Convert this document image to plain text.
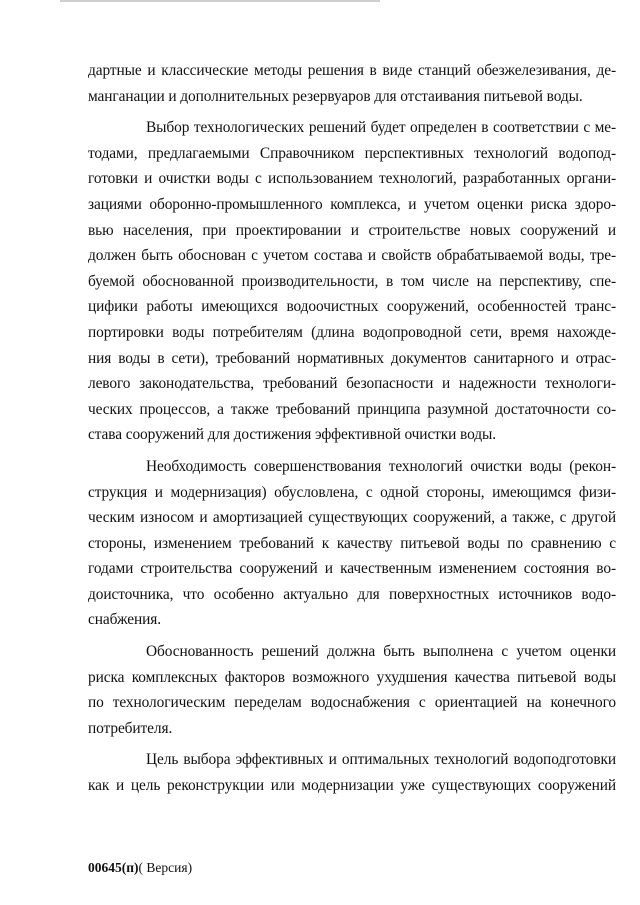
дартные и классические методы решения в виде станций обезжелезивания, де-
манганации и дополнительных резервуаров для отстаивания питьевой воды.

Выбор технологических решений будет определен в соответствии с ме-
тодами, предлагаемыми Справочником перспективных технологий водопод-
готовки и очистки воды с использованием технологий, разработанных органи-
зациями оборонно-промышленного комплекса, и учетом оценки риска здоро-
вью населения, при проектировании и строительстве новых сооружений и
должен быть обоснован с учетом состава и свойств обрабатываемой воды, тре-
буемой обоснованной производительности, в том числе на перспективу, спе-
цифики работы имеющихся водоочистных сооружений, особенностей транс-
портировки воды потребителям (длина водопроводной сети, время нахожде-
ния воды в сети), требований нормативных документов санитарного и отрас-
левого законодательства, требований безопасности и надежности технологи-
ческих процессов, а также требований принципа разумной достаточности со-
става сооружений для достижения эффективной очистки воды.

Необходимость совершенствования технологий очистки воды (рекон-
струкция и модернизация) обусловлена, с одной стороны, имеющимся физи-
ческим износом и амортизацией существующих сооружений, а также, с другой
стороны, изменением требований к качеству питьевой воды по сравнению с
годами строительства сооружений и качественным изменением состояния во-
доисточника, что особенно актуально для поверхностных источников водо-
снабжения.

Обоснованность решений должна быть выполнена с учетом оценки
риска комплексных факторов возможного ухудшения качества питьевой воды
по технологическим переделам водоснабжения с ориентацией на конечного
потребителя.

Цель выбора эффективных и оптимальных технологий водоподготовки
как и цель реконструкции или модернизации уже существующих сооружений

00645(п)( Версия)
